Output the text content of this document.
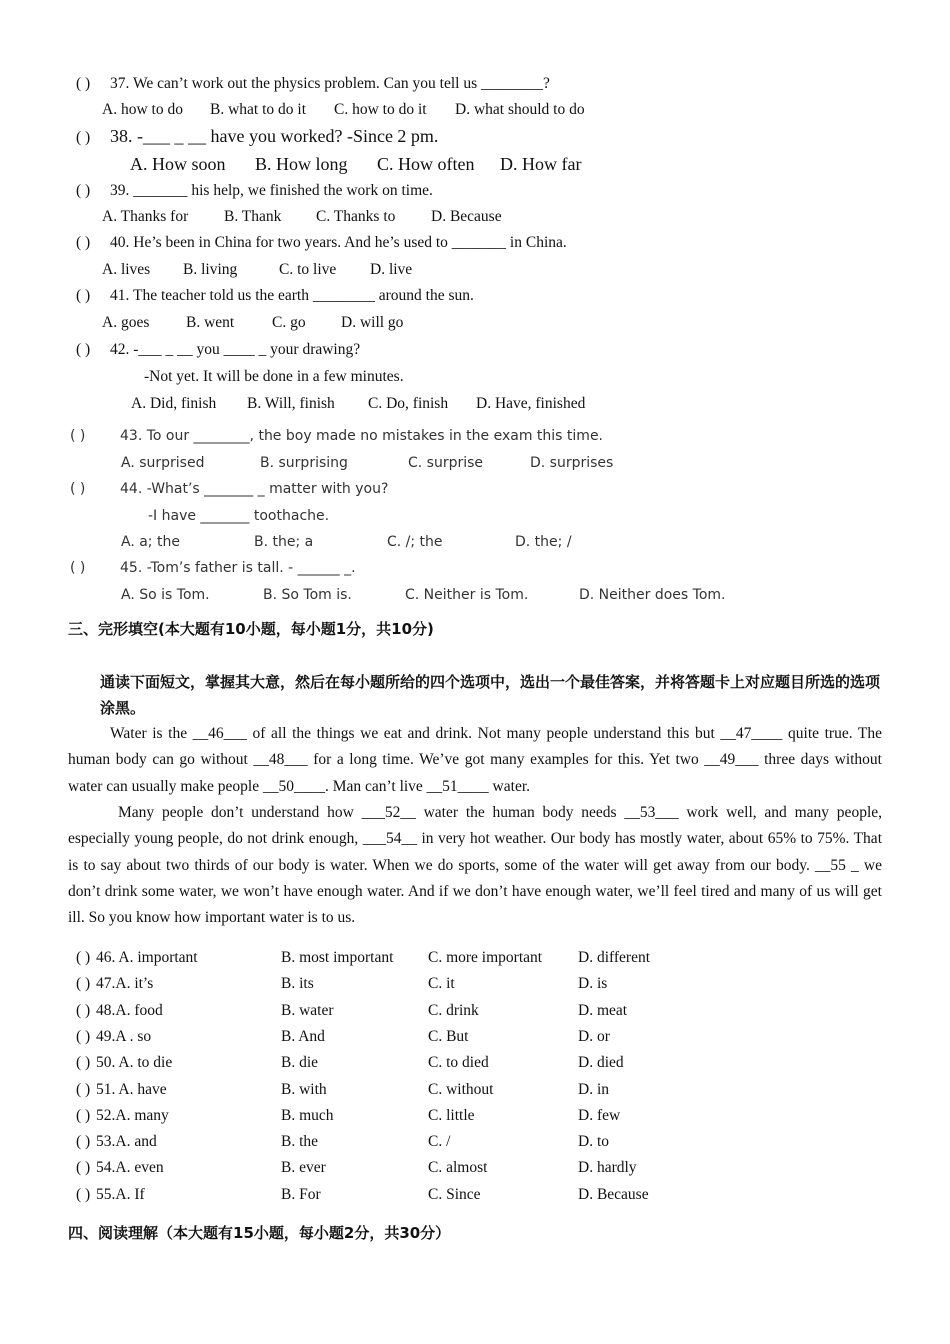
( ) 37. We can’t work out the physics problem. Can you tell us ________?
A. how to do B. what to do it C. how to do it D. what should to do
( ) 38. -___ _ __ have you worked? -Since 2 pm.
A. How soon B. How long C. How often D. How far
( ) 39. _______ his help, we finished the work on time.
A. Thanks for B. Thank C. Thanks to D. Because
( ) 40. He’s been in China for two years. And he’s used to _______ in China.
A. lives B. living	C. to live D. live
( ) 41. The teacher told us the earth ________ around the sun.
A. goes B. went C. go D. will go
( ) 42. -___ _ __ you ____ _ your drawing?
-Not yet. It will be done in a few minutes.
A. Did, finish B. Will, finish C. Do, finish D. Have, finished
( ) 43. To our ________, the boy made no mistakes in the exam this time.
A. surprised	B. surprising	C. surprise	D. surprises
( ) 44. -What’s _______ _ matter with you?
-I have _______ toothache.
A. a; the	B. the; a	C. /; the	D. the; /
( ) 45. -Tom’s father is tall. - ______ _.
A. So is Tom.	B. So Tom is.	C. Neither is Tom.	D. Neither does Tom.
三、完形填空(本大题有10小题，每小题1分，共10分)
通读下面短文，掌握其大意，然后在每小题所给的四个选项中，选出一个最佳答案，并将答题卡上对应题目所选的选项涂黑。
Water is the __46___ of all the things we eat and drink. Not many people understand this but __47____ quite true. The human body can go without __48___ for a long time. We’ve got many examples for this. Yet two __49___ three days without water can usually make people __50____. Man can’t live __51____ water.
Many people don’t understand how ___52__ water the human body needs __53___ work well, and many people, especially young people, do not drink enough, ___54__ in very hot weather. Our body has mostly water, about 65% to 75%. That is to say about two thirds of our body is water. When we do sports, some of the water will get away from our body. __55 _ we don’t drink some water, we won’t have enough water. And if we don’t have enough water, we’ll feel tired and many of us will get ill. So you know how important water is to us.
( ) 46. A. important	B. most important C. more important D. different
( ) 47.A. it’s	B. its	C. it	D. is
( ) 48.A. food	B. water	C. drink	D. meat
( ) 49.A . so	B. And	C. But	D. or
( ) 50. A. to die	B. die	C. to died	D. died
( ) 51. A. have	B. with	C. without	D. in
( ) 52.A. many	B. much	C. little	D. few
( ) 53.A. and	B. the	C. /	D. to
( ) 54.A. even	B. ever	C. almost	D. hardly
( ) 55.A. If	B. For	C. Since	D. Because
四、阅读理解（本大题有15小题，每小题2分，共30分）
